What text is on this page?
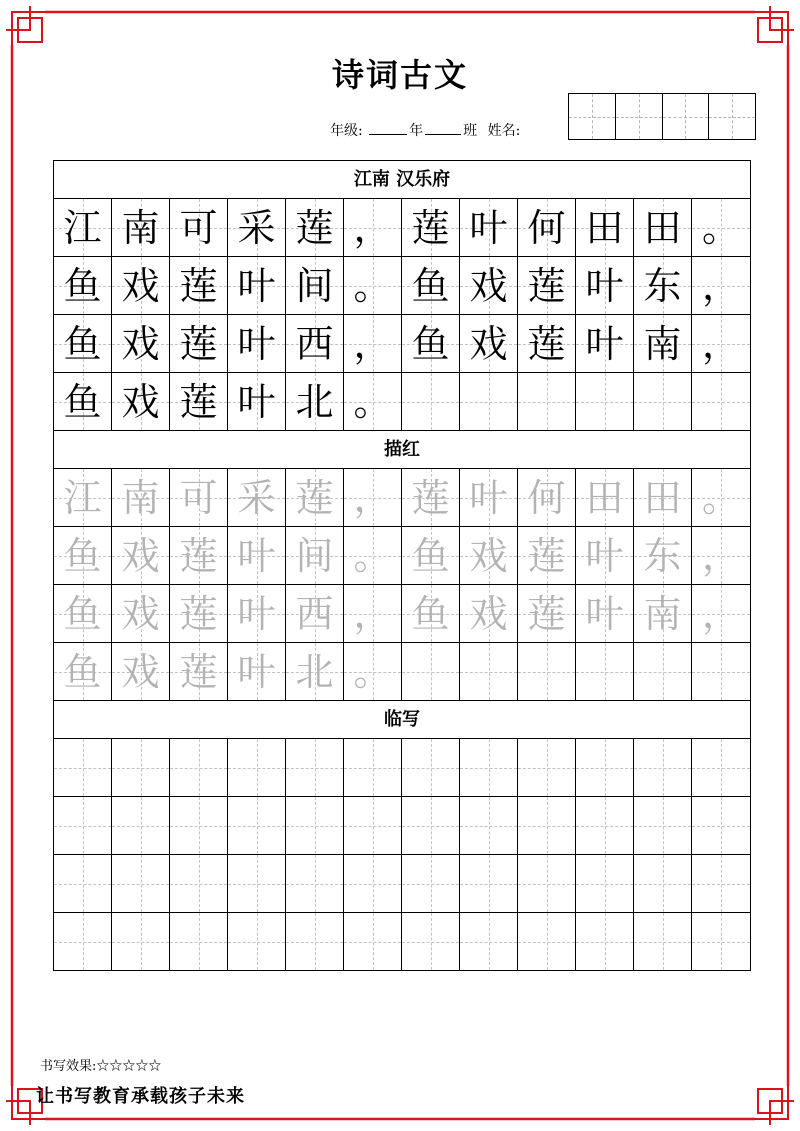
诗词古文
年级:	年	班 姓名:
江南 汉乐府
江 南 可 采 莲 ， 莲 叶 何 田 田 。
鱼 戏 莲 叶 间 。 鱼 戏 莲 叶 东 ，
鱼 戏 莲 叶 西 ， 鱼 戏 莲 叶 南 ，
鱼 戏 莲 叶 北 。
描红
江 南 可 采 莲 ， 莲 叶 何 田 田 。
鱼 戏 莲 叶 间 。 鱼 戏 莲 叶 东 ，
鱼 戏 莲 叶 西 ， 鱼 戏 莲 叶 南 ，
鱼 戏 莲 叶 北 。
临写
书写效果:☆☆☆☆☆
让书写教育承载孩子未来
